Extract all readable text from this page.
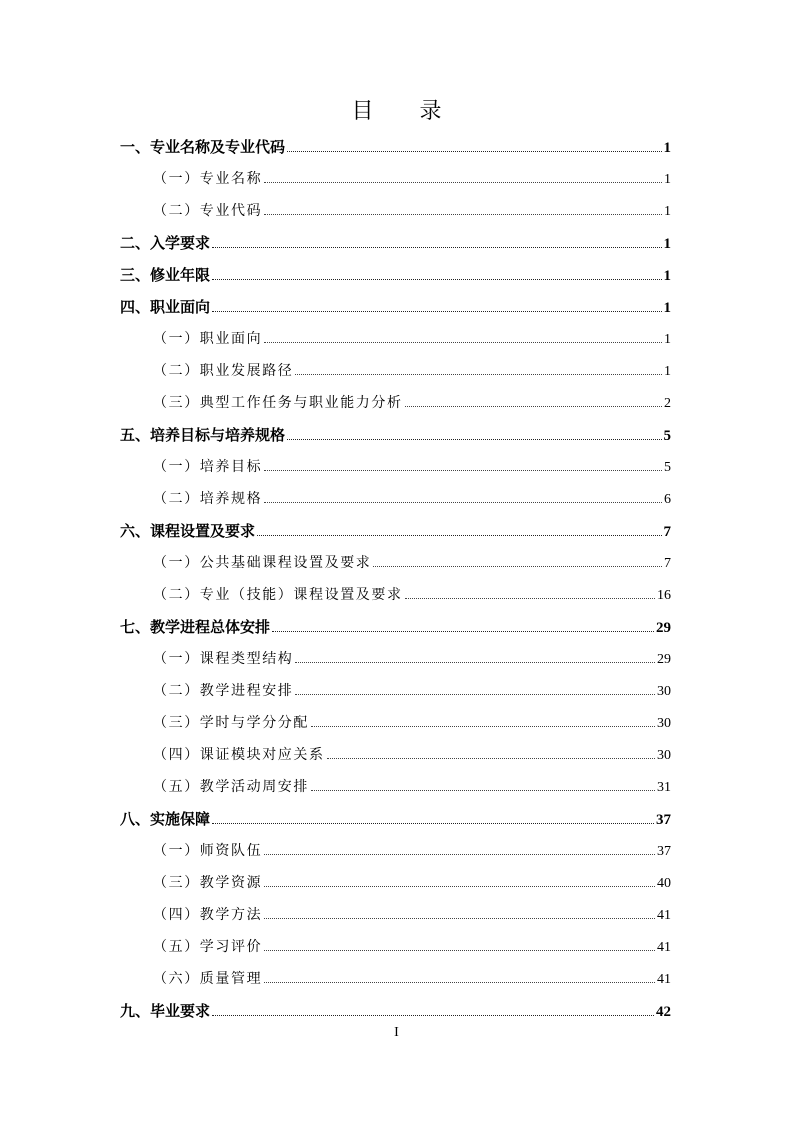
目 录
一、专业名称及专业代码	1
（一）专业名称	1
（二）专业代码	1
二、入学要求	1
三、修业年限	1
四、职业面向	1
（一）职业面向	1
（二）职业发展路径	1
（三）典型工作任务与职业能力分析	2
五、培养目标与培养规格	5
（一）培养目标	5
（二）培养规格	6
六、课程设置及要求	7
（一）公共基础课程设置及要求	7
（二）专业（技能）课程设置及要求	16
七、教学进程总体安排	29
（一）课程类型结构	29
（二）教学进程安排	30
（三）学时与学分分配	30
（四）课证模块对应关系	30
（五）教学活动周安排	31
八、实施保障	37
（一）师资队伍	37
（三）教学资源	40
（四）教学方法	41
（五）学习评价	41
（六）质量管理	41
九、毕业要求	42
I
